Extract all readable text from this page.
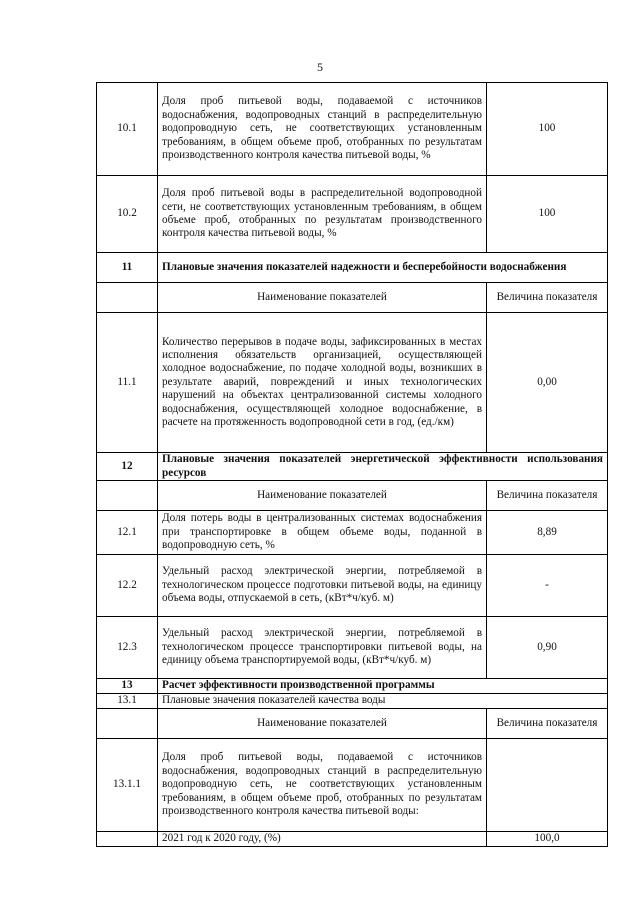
5
10.1	Доля проб питьевой воды, подаваемой с источников водоснабжения, водопроводных станций в распределительную водопроводную сеть, не соответствующих установленным требованиям, в общем объеме проб, отобранных по результатам производственного контроля качества питьевой воды, %	100
10.2	Доля проб питьевой воды в распределительной водопроводной сети, не соответствующих установленным требованиям, в общем объеме проб, отобранных по результатам производственного контроля качества питьевой воды, %	100
11	Плановые значения показателей надежности и бесперебойности водоснабжения	
	Наименование показателей	Величина показателя
11.1	Количество перерывов в подаче воды, зафиксированных в местах исполнения обязательств организацией, осуществляющей холодное водоснабжение, по подаче холодной воды, возникших в результате аварий, повреждений и иных технологических нарушений на объектах централизованной системы холодного водоснабжения, осуществляющей холодное водоснабжение, в расчете на протяженность водопроводной сети в год, (ед./км)	0,00
12	Плановые значения показателей энергетической эффективности использования ресурсов	
	Наименование показателей	Величина показателя
12.1	Доля потерь воды в централизованных системах водоснабжения при транспортировке в общем объеме воды, поданной в водопроводную сеть, %	8,89
12.2	Удельный расход электрической энергии, потребляемой в технологическом процессе подготовки питьевой воды, на единицу объема воды, отпускаемой в сеть, (кВт*ч/куб. м)	-
12.3	Удельный расход электрической энергии, потребляемой в технологическом процессе транспортировки питьевой воды, на единицу объема транспортируемой воды, (кВт*ч/куб. м)	0,90
13	Расчет эффективности производственной программы	
13.1	Плановые значения показателей качества воды	
	Наименование показателей	Величина показателя
13.1.1	Доля проб питьевой воды, подаваемой с источников водоснабжения, водопроводных станций в распределительную водопроводную сеть, не соответствующих установленным требованиям, в общем объеме проб, отобранных по результатам производственного контроля качества питьевой воды:	
	2021 год к 2020 году, (%)	100,0
